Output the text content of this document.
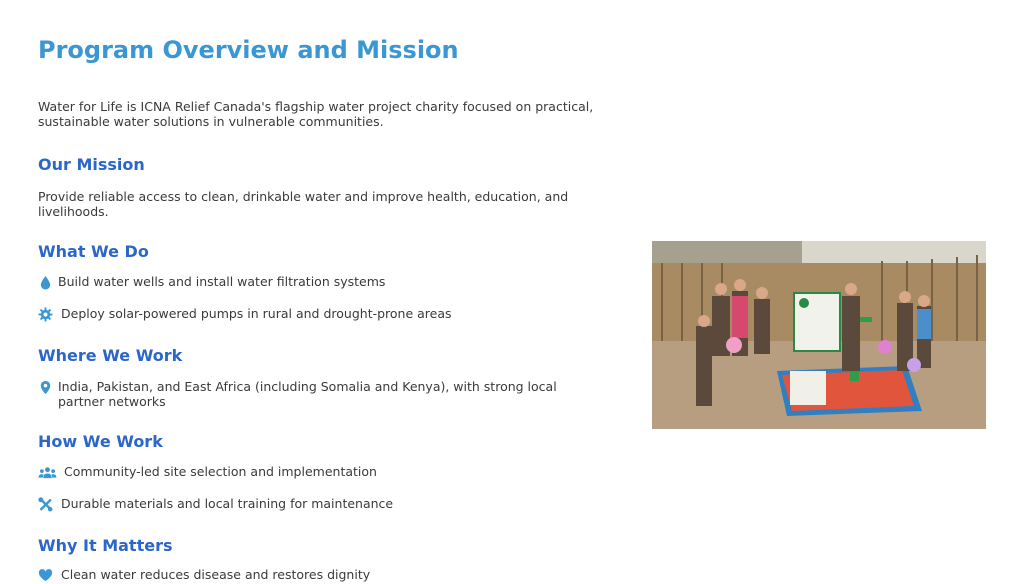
Program Overview and Mission

Water for Life is ICNA Relief Canada's flagship water project charity focused on practical, sustainable water solutions in vulnerable communities.

Our Mission

Provide reliable access to clean, drinkable water and improve health, education, and livelihoods.

What We Do
Build water wells and install water filtration systems
Deploy solar-powered pumps in rural and drought-prone areas
Where We Work
India, Pakistan, and East Africa (including Somalia and Kenya), with strong local partner networks
How We Work
Community-led site selection and implementation
Durable materials and local training for maintenance
Why It Matters
Clean water reduces disease and restores dignity
